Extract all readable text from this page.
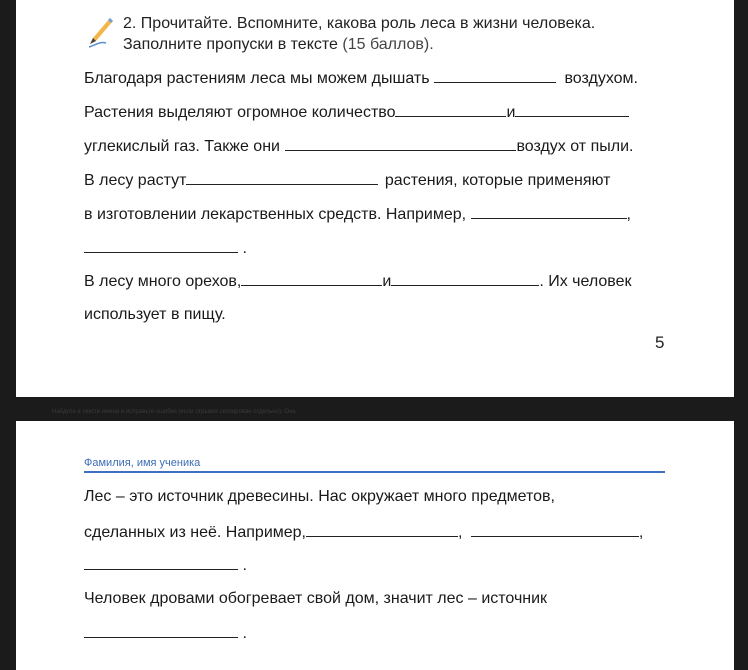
2. Прочитайте. Вспомните, какова роль леса в жизни человека.
Заполните пропуски в тексте (15 баллов).
Благодаря растениям леса мы можем дышать	воздухом.
Растения выделяют огромное количество	и
углекислый газ. Также они	воздух от пыли.
В лесу растут	растения, которые применяют
в изготовлении лекарственных средств. Например,	,
.
В лесу много орехов,	и	. Их человек
использует в пищу.
5
Найдите в тексте имена и исправьте ошибки (если отрывок скопирован отдельно). Она
Фамилия, имя ученика
Лес – это источник древесины. Нас окружает много предметов,
сделанных из неё. Например,	,	,
.
Человек дровами обогревает свой дом, значит лес – источник
.
